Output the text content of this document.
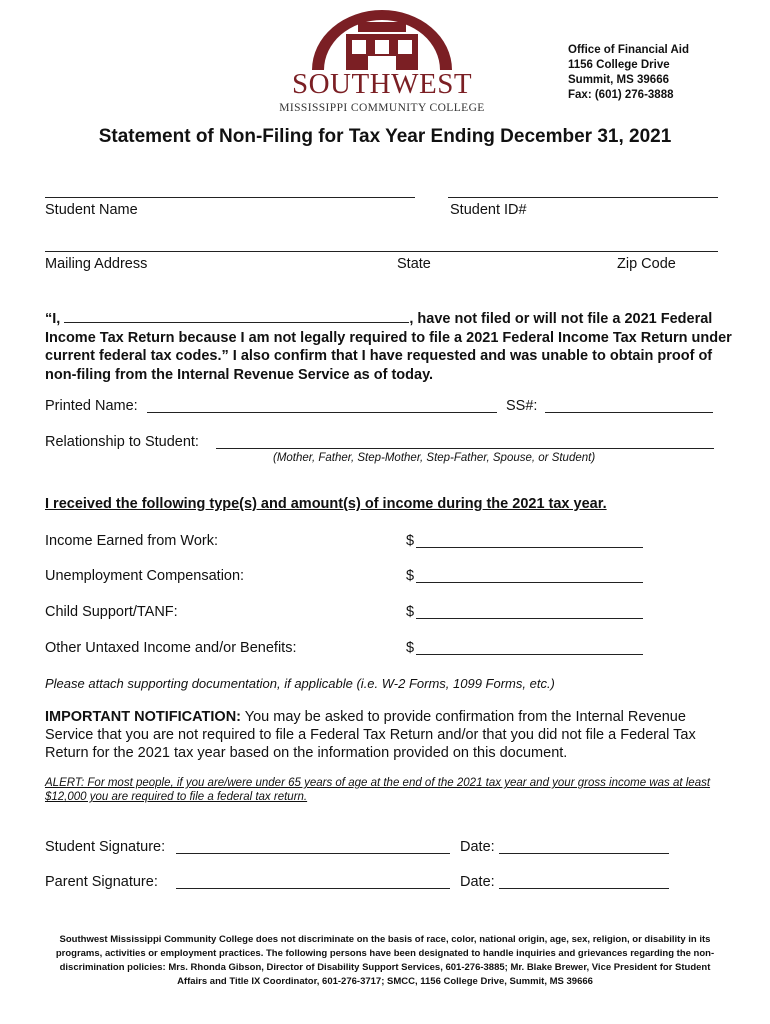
SOUTHWEST
MISSISSIPPI COMMUNITY COLLEGE
Office of Financial Aid
1156 College Drive
Summit, MS 39666
Fax: (601) 276-3888
Statement of Non-Filing for Tax Year Ending December 31, 2021
Student Name	Student ID#
Mailing Address	State	Zip Code
“I,	, have not filed or will not file a 2021 Federal Income Tax Return because I am not legally required to file a 2021 Federal Income Tax Return under current federal tax codes.” I also confirm that I have requested and was unable to obtain proof of non-filing from the Internal Revenue Service as of today.
Printed Name:	SS#:
Relationship to Student:
(Mother, Father, Step-Mother, Step-Father, Spouse, or Student)
I received the following type(s) and amount(s) of income during the 2021 tax year.
Income Earned from Work:	$
Unemployment Compensation:	$
Child Support/TANF:	$
Other Untaxed Income and/or Benefits:	$
Please attach supporting documentation, if applicable (i.e. W-2 Forms, 1099 Forms, etc.)
IMPORTANT NOTIFICATION: You may be asked to provide confirmation from the Internal Revenue Service that you are not required to file a Federal Tax Return and/or that you did not file a Federal Tax Return for the 2021 tax year based on the information provided on this document.
ALERT: For most people, if you are/were under 65 years of age at the end of the 2021 tax year and your gross income was at least $12,000 you are required to file a federal tax return.
Student Signature:	Date:
Parent Signature:	Date:
Southwest Mississippi Community College does not discriminate on the basis of race, color, national origin, age, sex, religion, or disability in its programs, activities or employment practices. The following persons have been designated to handle inquiries and grievances regarding the non-discrimination policies: Mrs. Rhonda Gibson, Director of Disability Support Services, 601-276-3885; Mr. Blake Brewer, Vice President for Student Affairs and Title IX Coordinator, 601-276-3717; SMCC, 1156 College Drive, Summit, MS 39666
